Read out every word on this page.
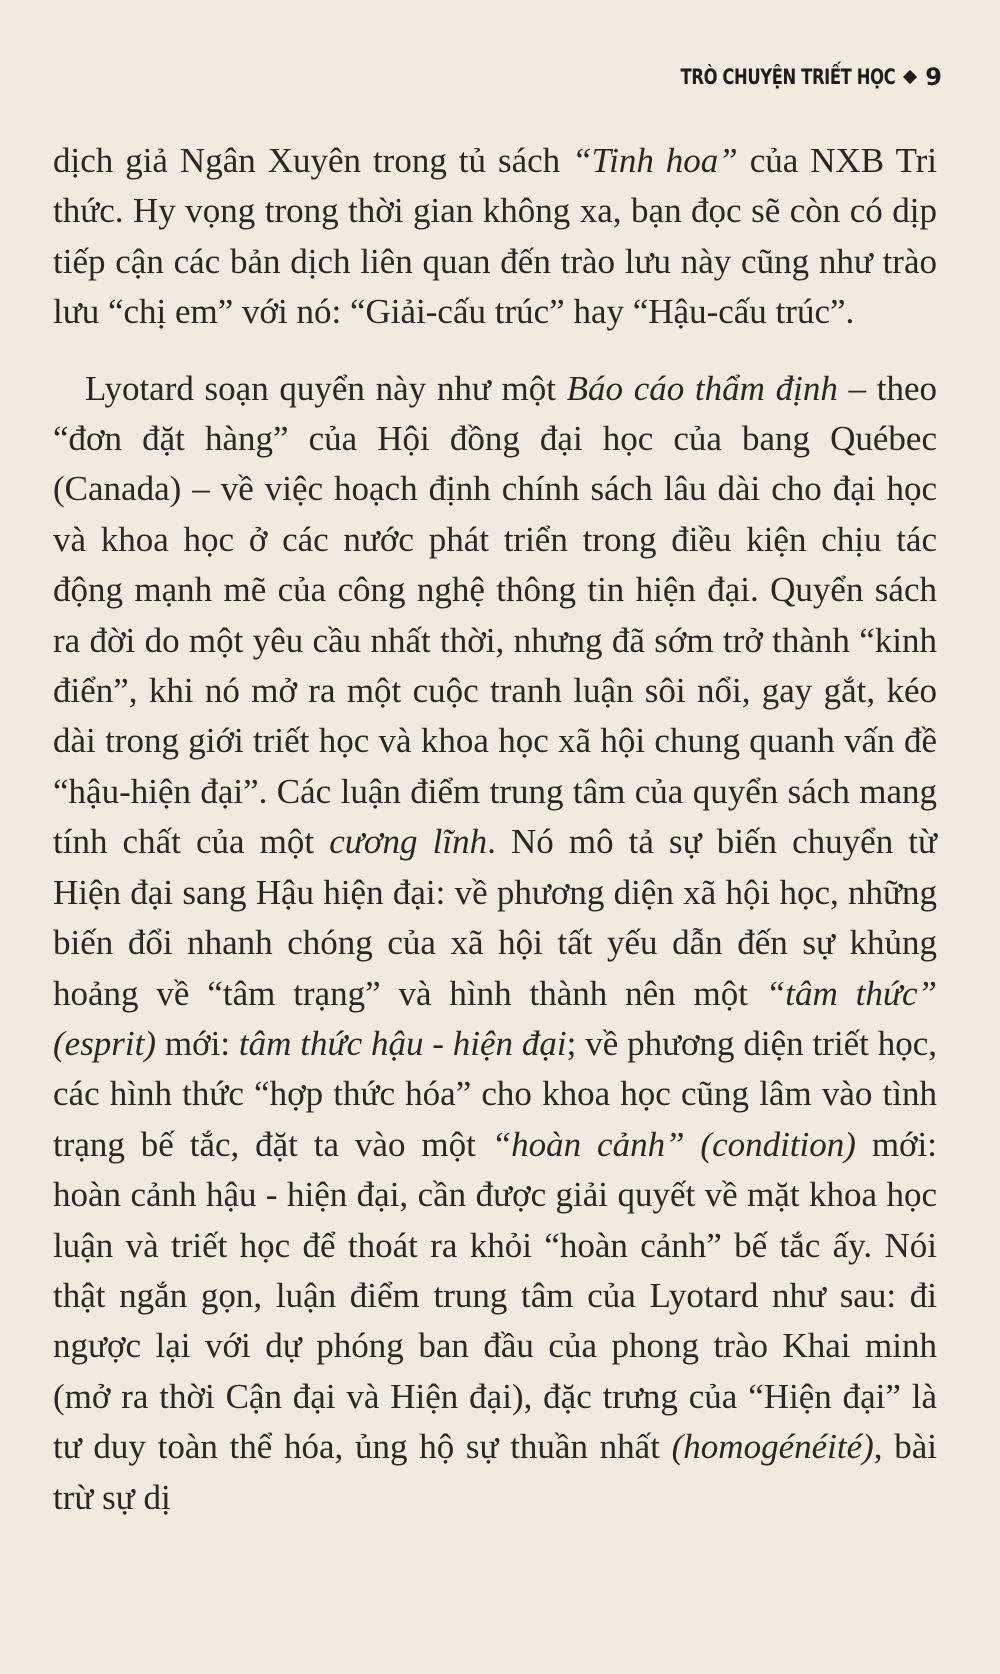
TRÒ CHUYỆN TRIẾT HỌC 9

dịch giả Ngân Xuyên trong tủ sách “Tinh hoa” của NXB Tri thức. Hy vọng trong thời gian không xa, bạn đọc sẽ còn có dịp tiếp cận các bản dịch liên quan đến trào lưu này cũng như trào lưu “chị em” với nó: “Giải-cấu trúc” hay “Hậu-cấu trúc”.

Lyotard soạn quyển này như một Báo cáo thẩm định – theo “đơn đặt hàng” của Hội đồng đại học của bang Québec (Canada) – về việc hoạch định chính sách lâu dài cho đại học và khoa học ở các nước phát triển trong điều kiện chịu tác động mạnh mẽ của công nghệ thông tin hiện đại. Quyển sách ra đời do một yêu cầu nhất thời, nhưng đã sớm trở thành “kinh điển”, khi nó mở ra một cuộc tranh luận sôi nổi, gay gắt, kéo dài trong giới triết học và khoa học xã hội chung quanh vấn đề “hậu-hiện đại”. Các luận điểm trung tâm của quyển sách mang tính chất của một cương lĩnh. Nó mô tả sự biến chuyển từ Hiện đại sang Hậu hiện đại: về phương diện xã hội học, những biến đổi nhanh chóng của xã hội tất yếu dẫn đến sự khủng hoảng về “tâm trạng” và hình thành nên một “tâm thức” (esprit) mới: tâm thức hậu - hiện đại; về phương diện triết học, các hình thức “hợp thức hóa” cho khoa học cũng lâm vào tình trạng bế tắc, đặt ta vào một “hoàn cảnh” (condition) mới: hoàn cảnh hậu - hiện đại, cần được giải quyết về mặt khoa học luận và triết học để thoát ra khỏi “hoàn cảnh” bế tắc ấy. Nói thật ngắn gọn, luận điểm trung tâm của Lyotard như sau: đi ngược lại với dự phóng ban đầu của phong trào Khai minh (mở ra thời Cận đại và Hiện đại), đặc trưng của “Hiện đại” là tư duy toàn thể hóa, ủng hộ sự thuần nhất (homogénéité), bài trừ sự dị
